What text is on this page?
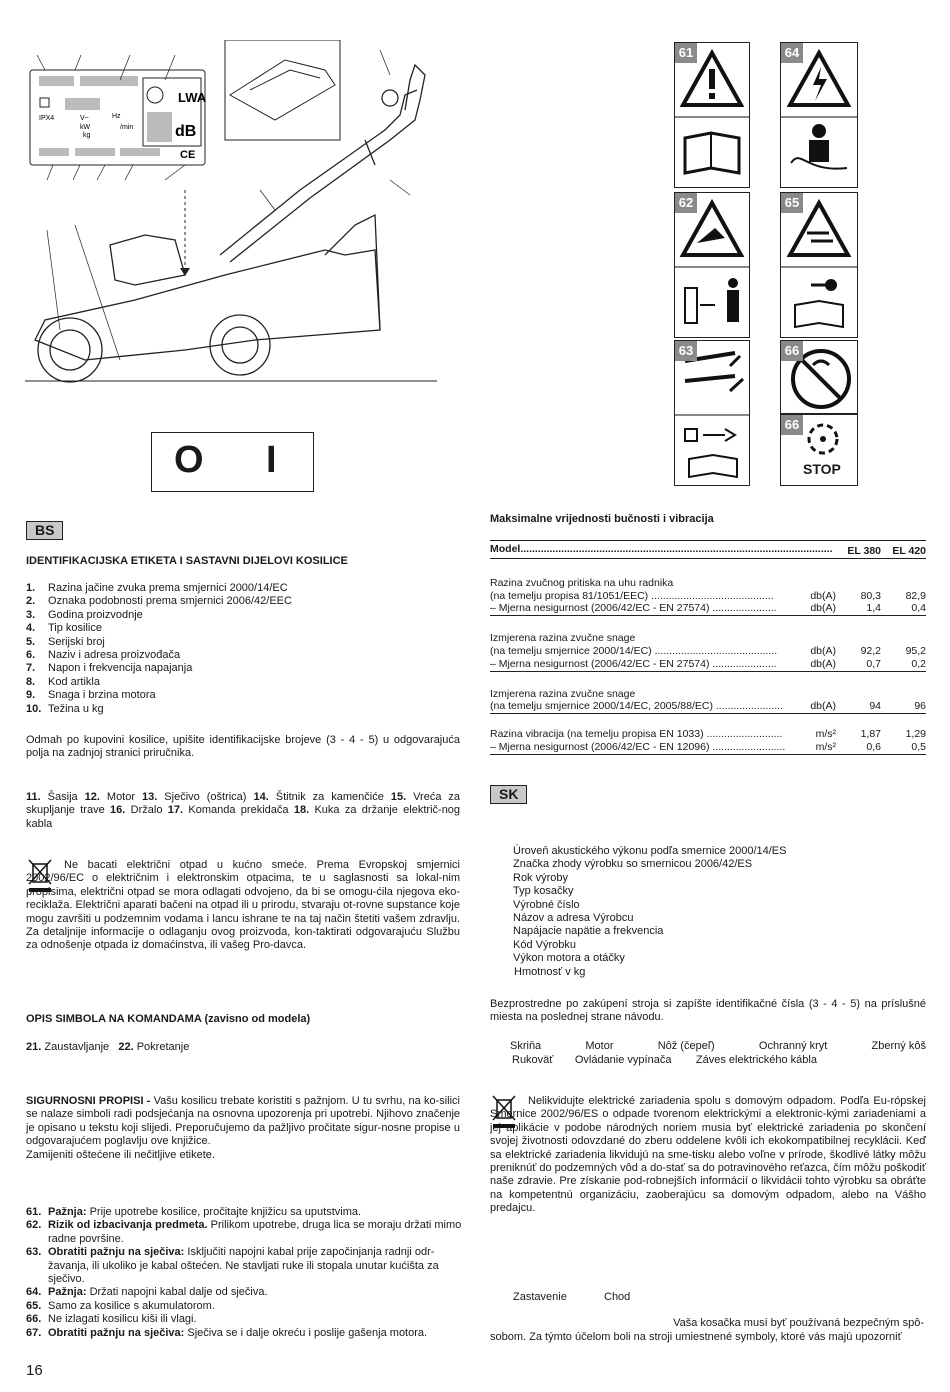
LWA
dB
IPX4	V~	Hz
kW	/min
kg
CE
O I
61	64
62	65
63	66
66
STOP
BS
IDENTIFIKACIJSKA ETIKETA I SASTAVNI DIJELOVI KOSILICE
1.	Razina jačine zvuka prema smjernici 2000/14/EC
2.	Oznaka podobnosti prema smjernici 2006/42/EEC
3.	Godina proizvodnje
4.	Tip kosilice
5.	Serijski broj
6.	Naziv i adresa proizvođača
7.	Napon i frekvencija napajanja
8.	Kod artikla
9.	Snaga i brzina motora
10. Težina u kg
Odmah po kupovini kosilice, upišite identifikacijske brojeve (3 - 4 - 5) u odgovarajuća polja na zadnjoj stranici priručnika.
11. Šasija 12. Motor 13. Sječivo (oštrica) 14. Štitnik za kamenčiće 15. Vreća za skupljanje trave 16. Držalo 17. Komanda prekidača 18. Kuka za držanje električ-nog kabla
Ne bacati električni otpad u kućno smeće. Prema Evropskoj smjernici 2002/96/EC o električnim i elektronskim otpacima, te u saglasnosti sa lokal-nim propisima, električni otpad se mora odlagati odvojeno, da bi se omogu-ćila njegova eko-reciklaža. Električni aparati bačeni na otpad ili u prirodu, stvaraju ot-rovne supstance koje mogu završiti u podzemnim vodama i lancu ishrane te na taj način štetiti vašem zdravlju. Za detaljnije informacije o odlaganju ovog proizvoda, kon-taktirati odgovarajuću Službu za odnošenje otpada iz domaćinstva, ili vašeg Pro-davca.
OPIS SIMBOLA NA KOMANDAMA (zavisno od modela)
21. Zaustavljanje 22. Pokretanje
SIGURNOSNI PROPISI - Vašu kosilicu trebate koristiti s pažnjom. U tu svrhu, na ko-silici se nalaze simboli radi podsjećanja na osnovna upozorenja pri upotrebi. Njihovo značenje je opisano u tekstu koji slijedi. Preporučujemo da pažljivo pročitate sigur-nosne propise u odgovarajućem poglavlju ove knjižice.
Zamijeniti oštećene ili nečitljive etikete.
61. Pažnja: Prije upotrebe kosilice, pročitajte knjižicu sa uputstvima.
62. Rizik od izbacivanja predmeta. Prilikom upotrebe, druga lica se moraju držati mimo radne površine.
63. Obratiti pažnju na sječiva: Isključiti napojni kabal prije započinjanja radnji odr-žavanja, ili ukoliko je kabal oštećen. Ne stavljati ruke ili stopala unutar kućišta za sječivo.
64. Pažnja: Držati napojni kabal dalje od sječiva.
65. Samo za kosilice s akumulatorom.
66. Ne izlagati kosilicu kiši ili vlagi.
67. Obratiti pažnju na sječiva: Sječiva se i dalje okreću i poslije gašenja motora.
16
Maksimalne vrijednosti bučnosti i vibracija
Model...........................................................................................................		EL 380	EL 420

Razina zvučnog pritiska na uhu radnika			
(na temelju propisa 81/1051/EEC) ..........................................	db(A)	80,3	82,9
– Mjerna nesigurnost (2006/42/EC - EN 27574) ......................	db(A)	1,4	0,4

Izmjerena razina zvučne snage			
(na temelju smjernice 2000/14/EC) ..........................................	db(A)	92,2	95,2
– Mjerna nesigurnost (2006/42/EC - EN 27574) ......................	db(A)	0,7	0,2

Izmjerena razina zvučne snage			
(na temelju smjernice 2000/14/EC, 2005/88/EC) .......................	db(A)	94	96

Razina vibracija (na temelju propisa EN 1033) ..........................	m/s²	1,87	1,29
– Mjerna nesigurnost (2006/42/EC - EN 12096) .........................	m/s²	0,6	0,5
SK
Úroveň akustického výkonu podľa smernice 2000/14/ES
Značka zhody výrobku so smernicou 2006/42/ES
Rok výroby
Typ kosačky
Výrobné číslo
Názov a adresa Výrobcu
Napájacie napätie a frekvencia
Kód Výrobku
Výkon motora a otáčky
Hmotnosť v kg
Bezprostredne po zakúpení stroja si zapíšte identifikačné čísla (3 - 4 - 5) na príslušné miesta na poslednej strane návodu.
Skriňa	Motor	Nôž (čepeľ)	Ochranný kryt	Zberný kôš
Rukoväť Ovládanie vypínača Záves elektrického kábla
Nelikvidujte elektrické zariadenia spolu s domovým odpadom. Podľa Eu-rópskej Smernice 2002/96/ES o odpade tvorenom elektrickými a elektronic-kými zariadeniami a jej aplikácie v podobe národných noriem musia byť elektrické zariadenia po skončení svojej životnosti odovzdané do zberu oddelene kvôli ich ekokompatibilnej recyklácii. Keď sa elektrické zariadenia likvidujú na sme-tisku alebo voľne v prírode, škodlivé látky môžu preniknúť do podzemných vôd a do-stať sa do potravinového reťazca, čím môžu poškodiť naše zdravie. Pre získanie pod-robnejších informácií o likvidácii tohto výrobku sa obráťte na kompetentnú organizáciu, zaoberajúcu sa domovým odpadom, alebo na Vášho predajcu.
Zastavenie	Chod
Vaša kosačka musí byť používaná bezpečným spô-
sobom. Za týmto účelom boli na stroji umiestnené symboly, ktoré vás majú upozorniť
